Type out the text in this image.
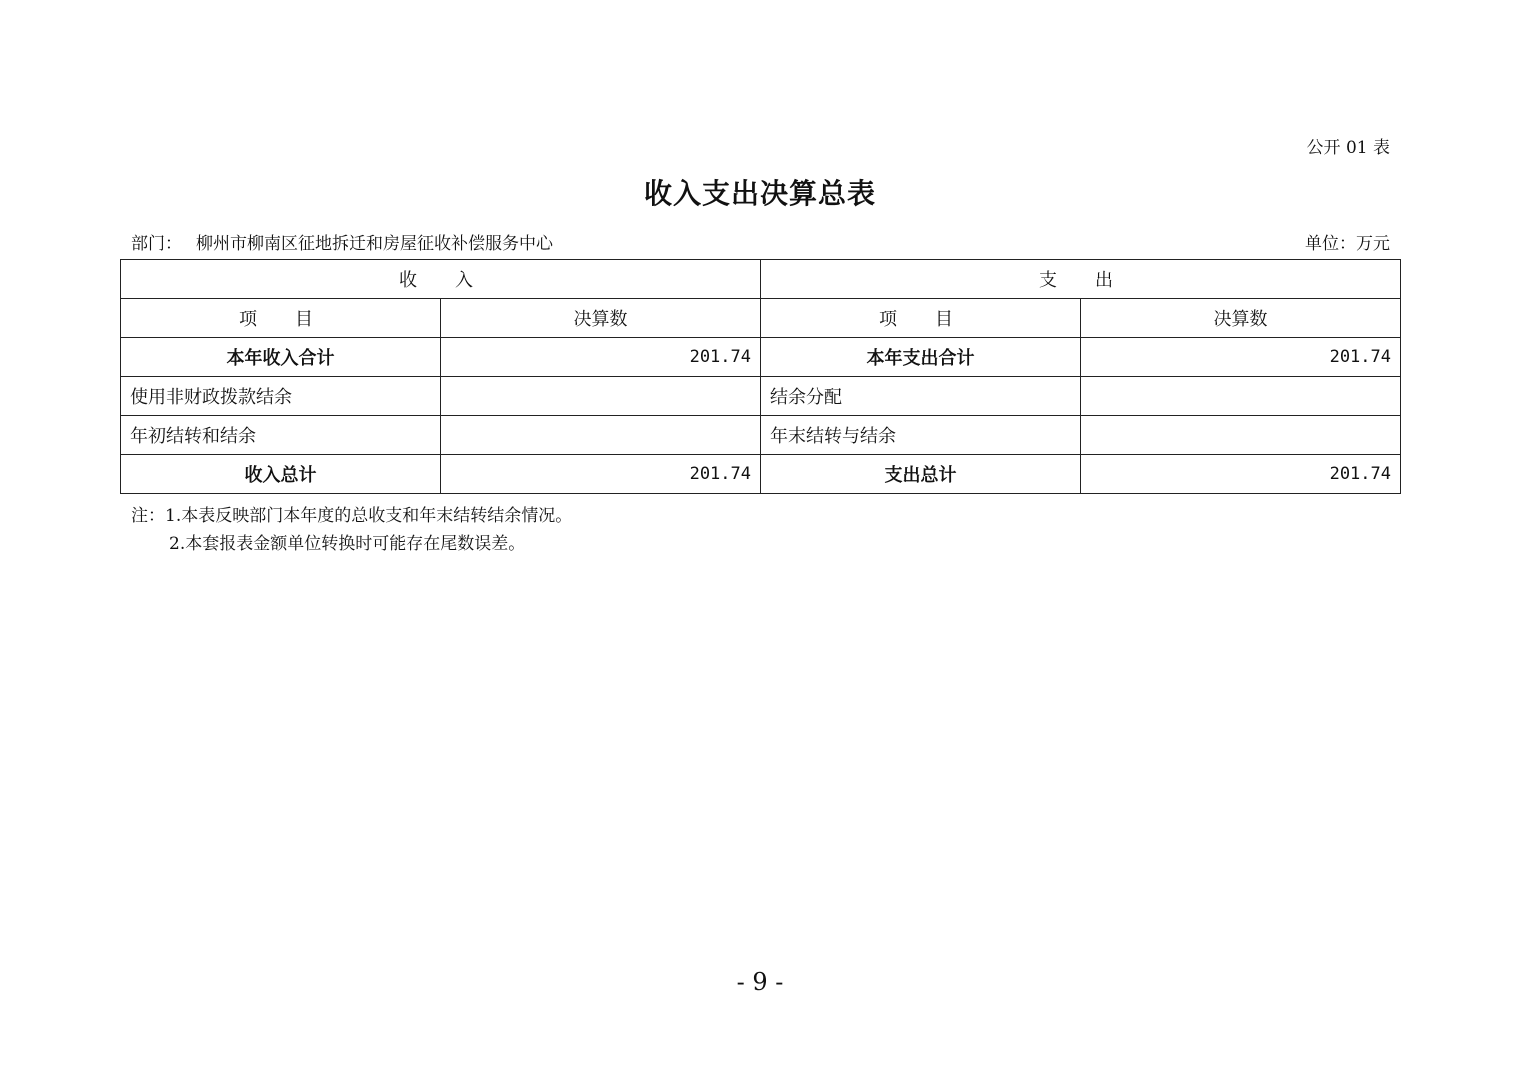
公开 01 表
收入支出决算总表
部门： 柳州市柳南区征地拆迁和房屋征收补偿服务中心	单位：万元
收入		支出	
项目	决算数	项目	决算数
本年收入合计	201.74	本年支出合计	201.74
使用非财政拨款结余		结余分配	
年初结转和结余		年末结转与结余	
收入总计	201.74	支出总计	201.74
注：1.本表反映部门本年度的总收支和年末结转结余情况。
2.本套报表金额单位转换时可能存在尾数误差。
- 9 -
